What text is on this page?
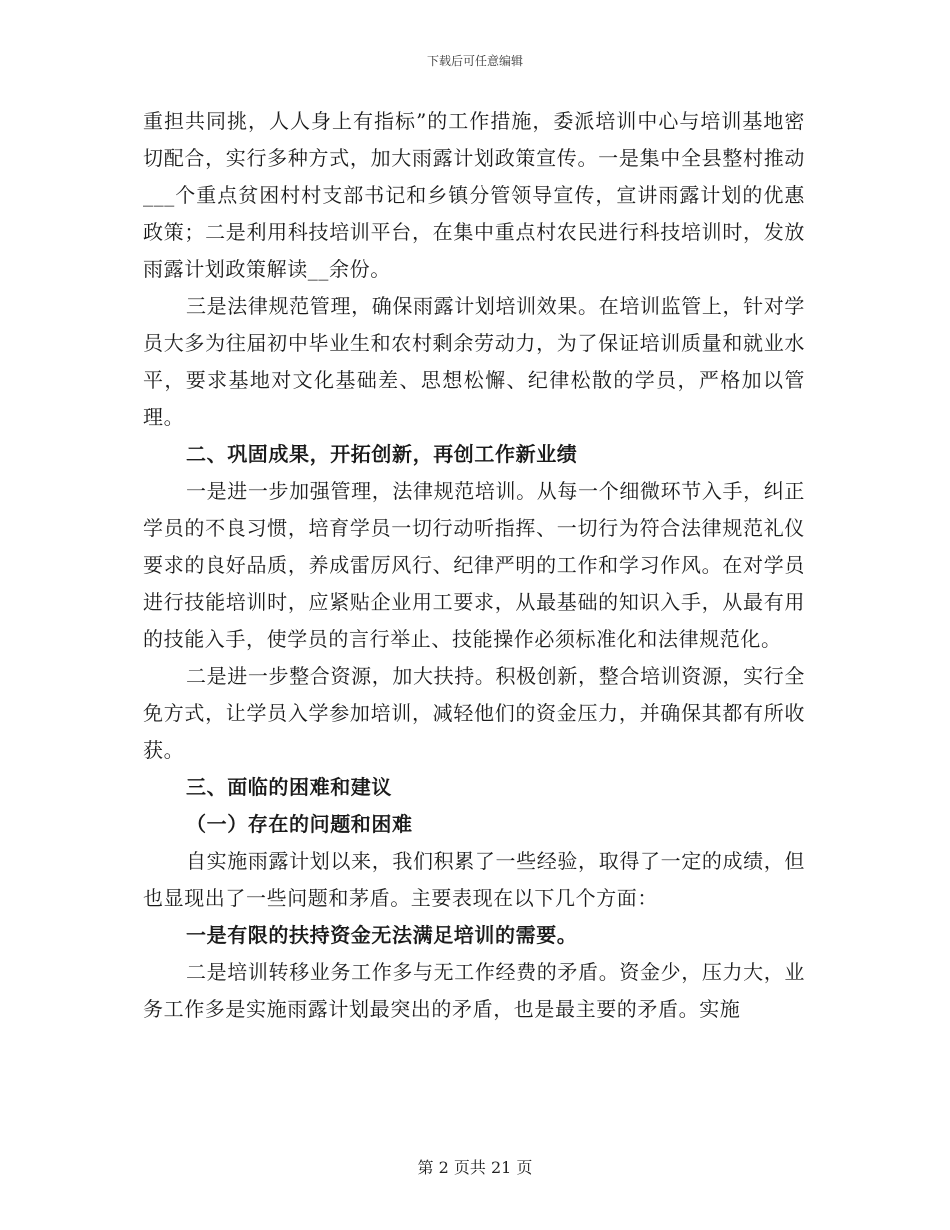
下载后可任意编辑

重担共同挑，人人身上有指标”的工作措施，委派培训中心与培训基地密切配合，实行多种方式，加大雨露计划政策宣传。一是集中全县整村推动___个重点贫困村村支部书记和乡镇分管领导宣传，宣讲雨露计划的优惠政策；二是利用科技培训平台，在集中重点村农民进行科技培训时，发放雨露计划政策解读__余份。

三是法律规范管理，确保雨露计划培训效果。在培训监管上，针对学员大多为往届初中毕业生和农村剩余劳动力，为了保证培训质量和就业水平，要求基地对文化基础差、思想松懈、纪律松散的学员，严格加以管理。

二、巩固成果，开拓创新，再创工作新业绩

一是进一步加强管理，法律规范培训。从每一个细微环节入手，纠正学员的不良习惯，培育学员一切行动听指挥、一切行为符合法律规范礼仪要求的良好品质，养成雷厉风行、纪律严明的工作和学习作风。在对学员进行技能培训时，应紧贴企业用工要求，从最基础的知识入手，从最有用的技能入手，使学员的言行举止、技能操作必须标准化和法律规范化。

二是进一步整合资源，加大扶持。积极创新，整合培训资源，实行全免方式，让学员入学参加培训，减轻他们的资金压力，并确保其都有所收获。

三、面临的困难和建议

（一）存在的问题和困难

自实施雨露计划以来，我们积累了一些经验，取得了一定的成绩，但也显现出了一些问题和茅盾。主要表现在以下几个方面：

一是有限的扶持资金无法满足培训的需要。

二是培训转移业务工作多与无工作经费的矛盾。资金少，压力大，业务工作多是实施雨露计划最突出的矛盾，也是最主要的矛盾。实施

第 2 页共 21 页
